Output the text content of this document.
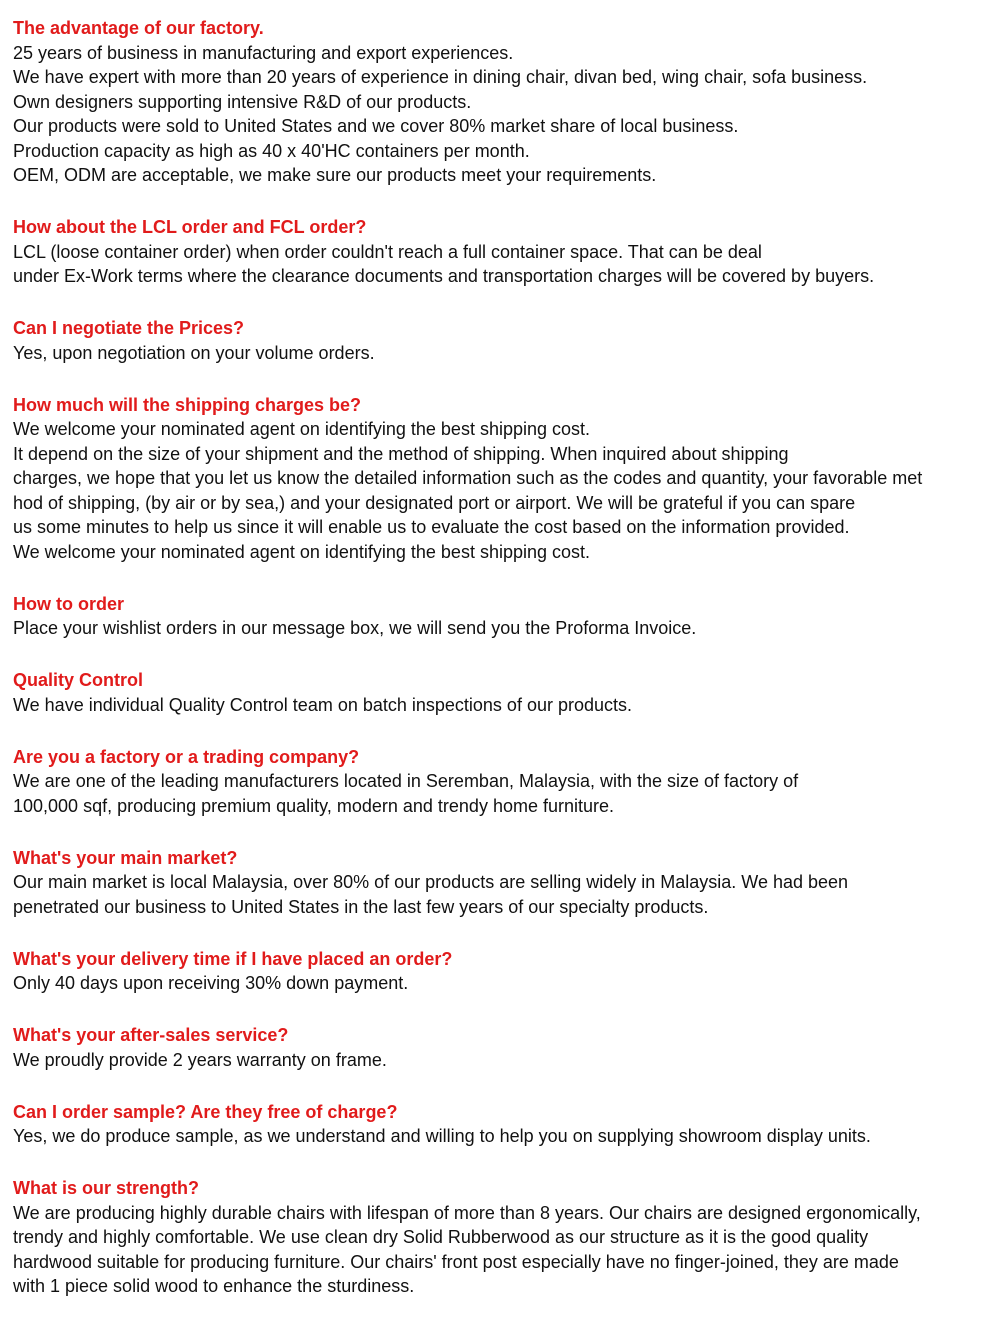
The advantage of our factory.
25 years of business in manufacturing and export experiences.
We have expert with more than 20 years of experience in dining chair, divan bed, wing chair, sofa business.
Own designers supporting intensive R&D of our products.
Our products were sold to United States and we cover 80% market share of local business.
Production capacity as high as 40 x 40'HC containers per month.
OEM, ODM are acceptable, we make sure our products meet your requirements.
How about the LCL order and FCL order?
LCL (loose container order) when order couldn't reach a full container space. That can be deal
under Ex-Work terms where the clearance documents and transportation charges will be covered by buyers.
Can I negotiate the Prices?
Yes, upon negotiation on your volume orders.
How much will the shipping charges be?
We welcome your nominated agent on identifying the best shipping cost.
It depend on the size of your shipment and the method of shipping. When inquired about shipping
charges, we hope that you let us know the detailed information such as the codes and quantity, your favorable met
hod of shipping, (by air or by sea,) and your designated port or airport. We will be grateful if you can spare
us some minutes to help us since it will enable us to evaluate the cost based on the information provided.
We welcome your nominated agent on identifying the best shipping cost.
How to order
Place your wishlist orders in our message box, we will send you the Proforma Invoice.
Quality Control
We have individual Quality Control team on batch inspections of our products.
Are you a factory or a trading company?
We are one of the leading manufacturers located in Seremban, Malaysia, with the size of factory of
100,000 sqf, producing premium quality, modern and trendy home furniture.
What's your main market?
Our main market is local Malaysia, over 80% of our products are selling widely in Malaysia. We had been
penetrated our business to United States in the last few years of our specialty products.
What's your delivery time if I have placed an order?
Only 40 days upon receiving 30% down payment.
What's your after-sales service?
We proudly provide 2 years warranty on frame.
Can I order sample? Are they free of charge?
Yes, we do produce sample, as we understand and willing to help you on supplying showroom display units.
What is our strength?
We are producing highly durable chairs with lifespan of more than 8 years. Our chairs are designed ergonomically,
trendy and highly comfortable. We use clean dry Solid Rubberwood as our structure as it is the good quality
hardwood suitable for producing furniture. Our chairs' front post especially have no finger-joined, they are made
with 1 piece solid wood to enhance the sturdiness.
